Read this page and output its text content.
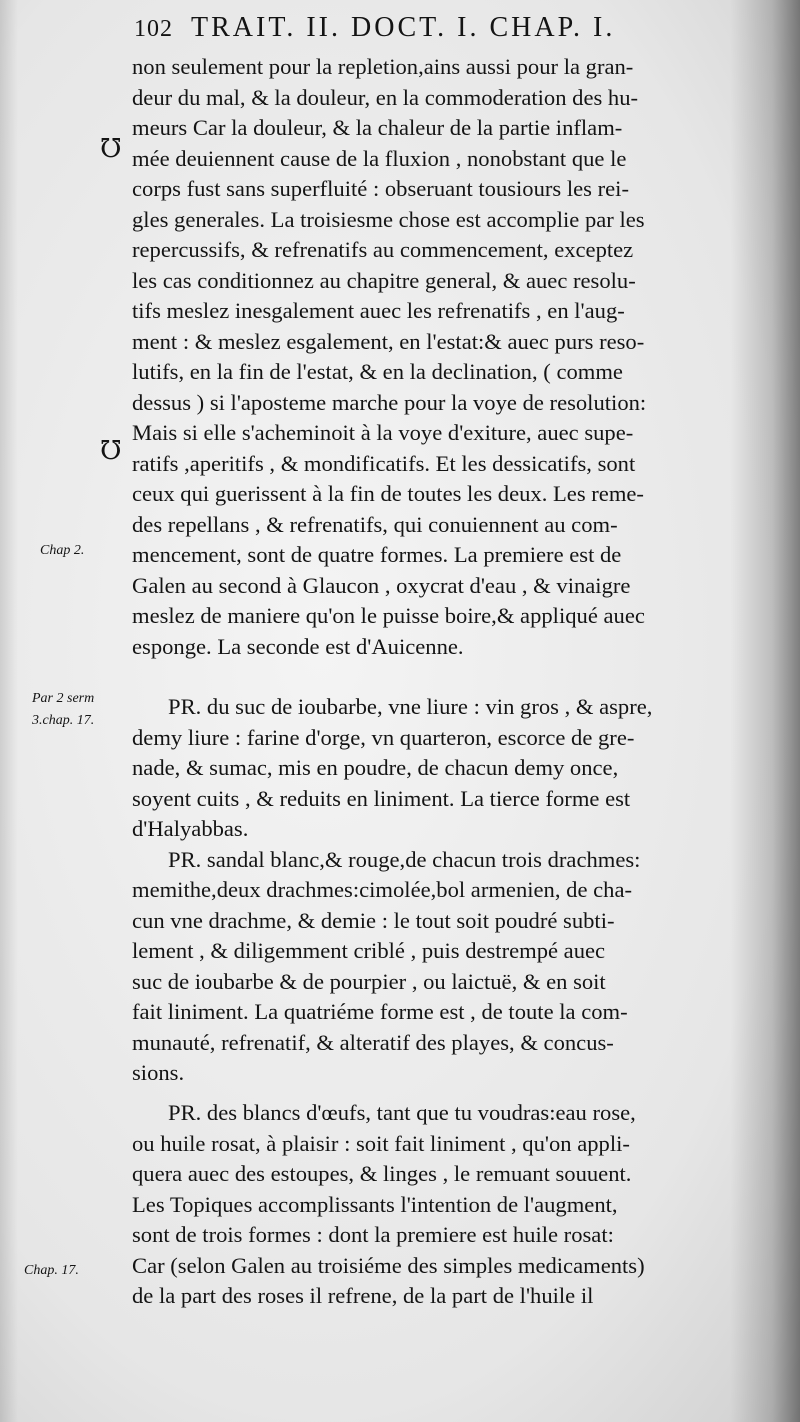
102 TRAIT. II. DOCT. I. CHAP. I.
℧
℧
Chap 2.
Par 2 serm
3.chap. 17.
Chap. 17.
non seulement pour la repletion,ains aussi pour la gran-
deur du mal, & la douleur, en la commoderation des hu-
meurs Car la douleur, & la chaleur de la partie inflam-
mée deuiennent cause de la fluxion , nonobstant que le
corps fust sans superfluité : obseruant tousiours les rei-
gles generales. La troisiesme chose est accomplie par les
repercussifs, & refrenatifs au commencement, exceptez
les cas conditionnez au chapitre general, & auec resolu-
tifs meslez inesgalement auec les refrenatifs , en l'aug-
ment : & meslez esgalement, en l'estat:& auec purs reso-
lutifs, en la fin de l'estat, & en la declination, ( comme
dessus ) si l'aposteme marche pour la voye de resolution:
Mais si elle s'acheminoit à la voye d'exiture, auec supe-
ratifs ,aperitifs , & mondificatifs. Et les dessicatifs, sont
ceux qui guerissent à la fin de toutes les deux. Les reme-
des repellans , & refrenatifs, qui conuiennent au com-
mencement, sont de quatre formes. La premiere est de
Galen au second à Glaucon , oxycrat d'eau , & vinaigre
meslez de maniere qu'on le puisse boire,& appliqué auec
esponge. La seconde est d'Auicenne.
PR. du suc de ioubarbe, vne liure : vin gros , & aspre,
demy liure : farine d'orge, vn quarteron, escorce de gre-
nade, & sumac, mis en poudre, de chacun demy once,
soyent cuits , & reduits en liniment. La tierce forme est
d'Halyabbas.
PR. sandal blanc,& rouge,de chacun trois drachmes:
memithe,deux drachmes:cimolée,bol armenien, de cha-
cun vne drachme, & demie : le tout soit poudré subti-
lement , & diligemment criblé , puis destrempé auec
suc de ioubarbe & de pourpier , ou laictuë, & en soit
fait liniment. La quatriéme forme est , de toute la com-
munauté, refrenatif, & alteratif des playes, & concus-
sions.
PR. des blancs d'œufs, tant que tu voudras:eau rose,
ou huile rosat, à plaisir : soit fait liniment , qu'on appli-
quera auec des estoupes, & linges , le remuant souuent.
Les Topiques accomplissants l'intention de l'augment,
sont de trois formes : dont la premiere est huile rosat:
Car (selon Galen au troisiéme des simples medicaments)
de la part des roses il refrene, de la part de l'huile il
